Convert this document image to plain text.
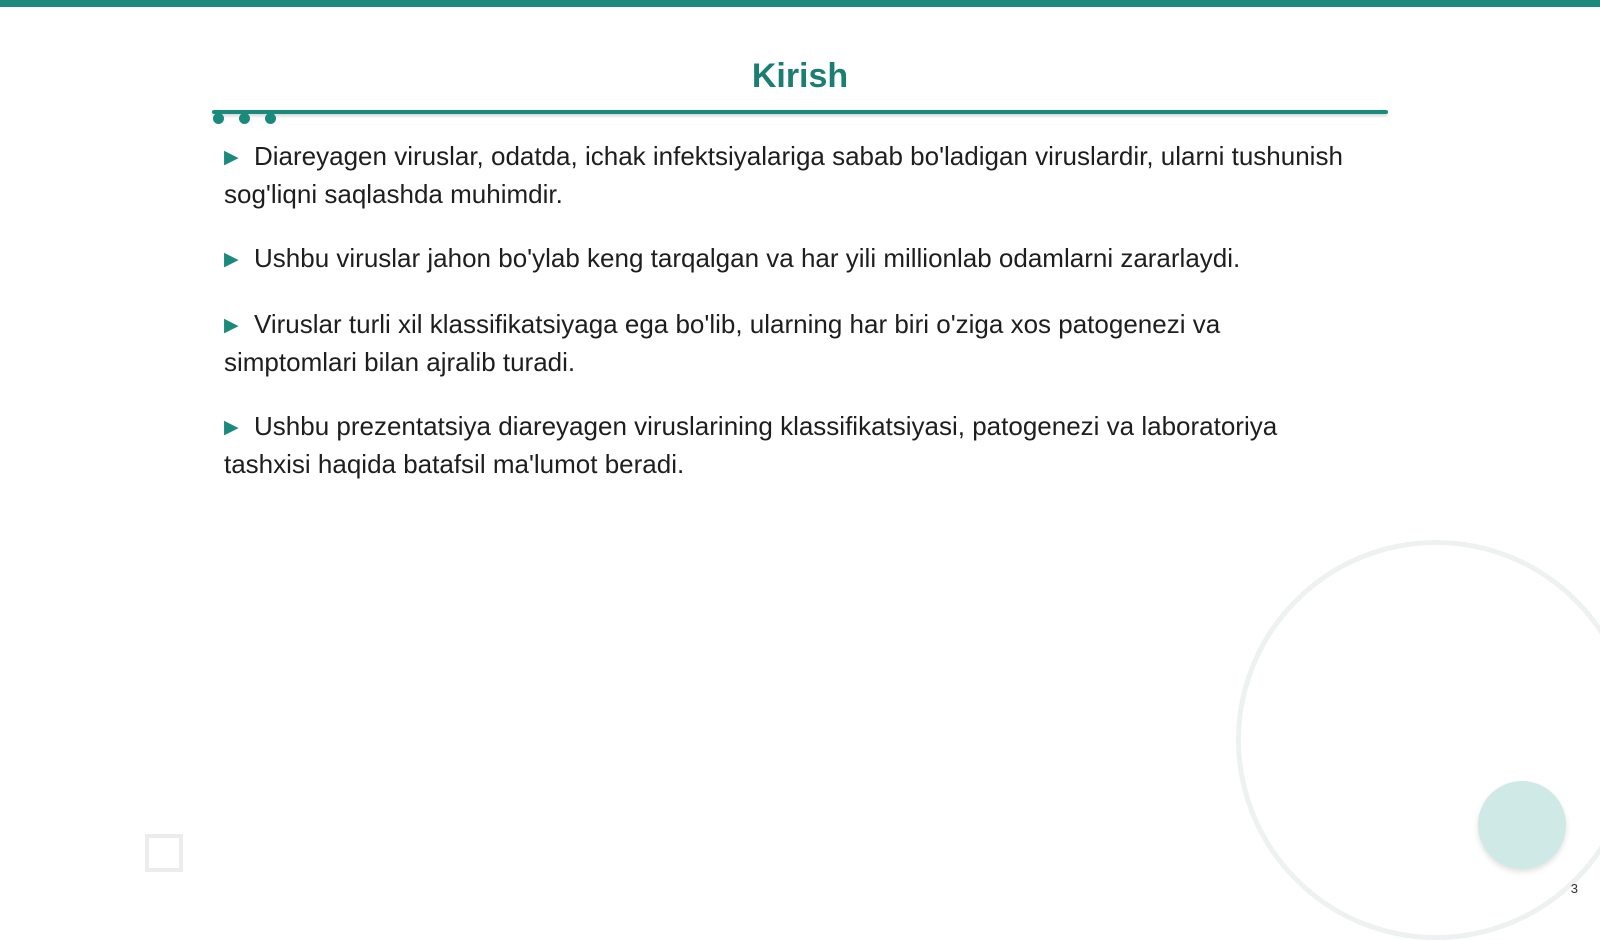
Kirish
▶ Diareyagen viruslar, odatda, ichak infektsiyalariga sabab bo'ladigan viruslardir, ularni tushunish sog'liqni saqlashda muhimdir.
▶ Ushbu viruslar jahon bo'ylab keng tarqalgan va har yili millionlab odamlarni zararlaydi.
▶ Viruslar turli xil klassifikatsiyaga ega bo'lib, ularning har biri o'ziga xos patogenezi va simptomlari bilan ajralib turadi.
▶ Ushbu prezentatsiya diareyagen viruslarining klassifikatsiyasi, patogenezi va laboratoriya tashxisi haqida batafsil ma'lumot beradi.
3
